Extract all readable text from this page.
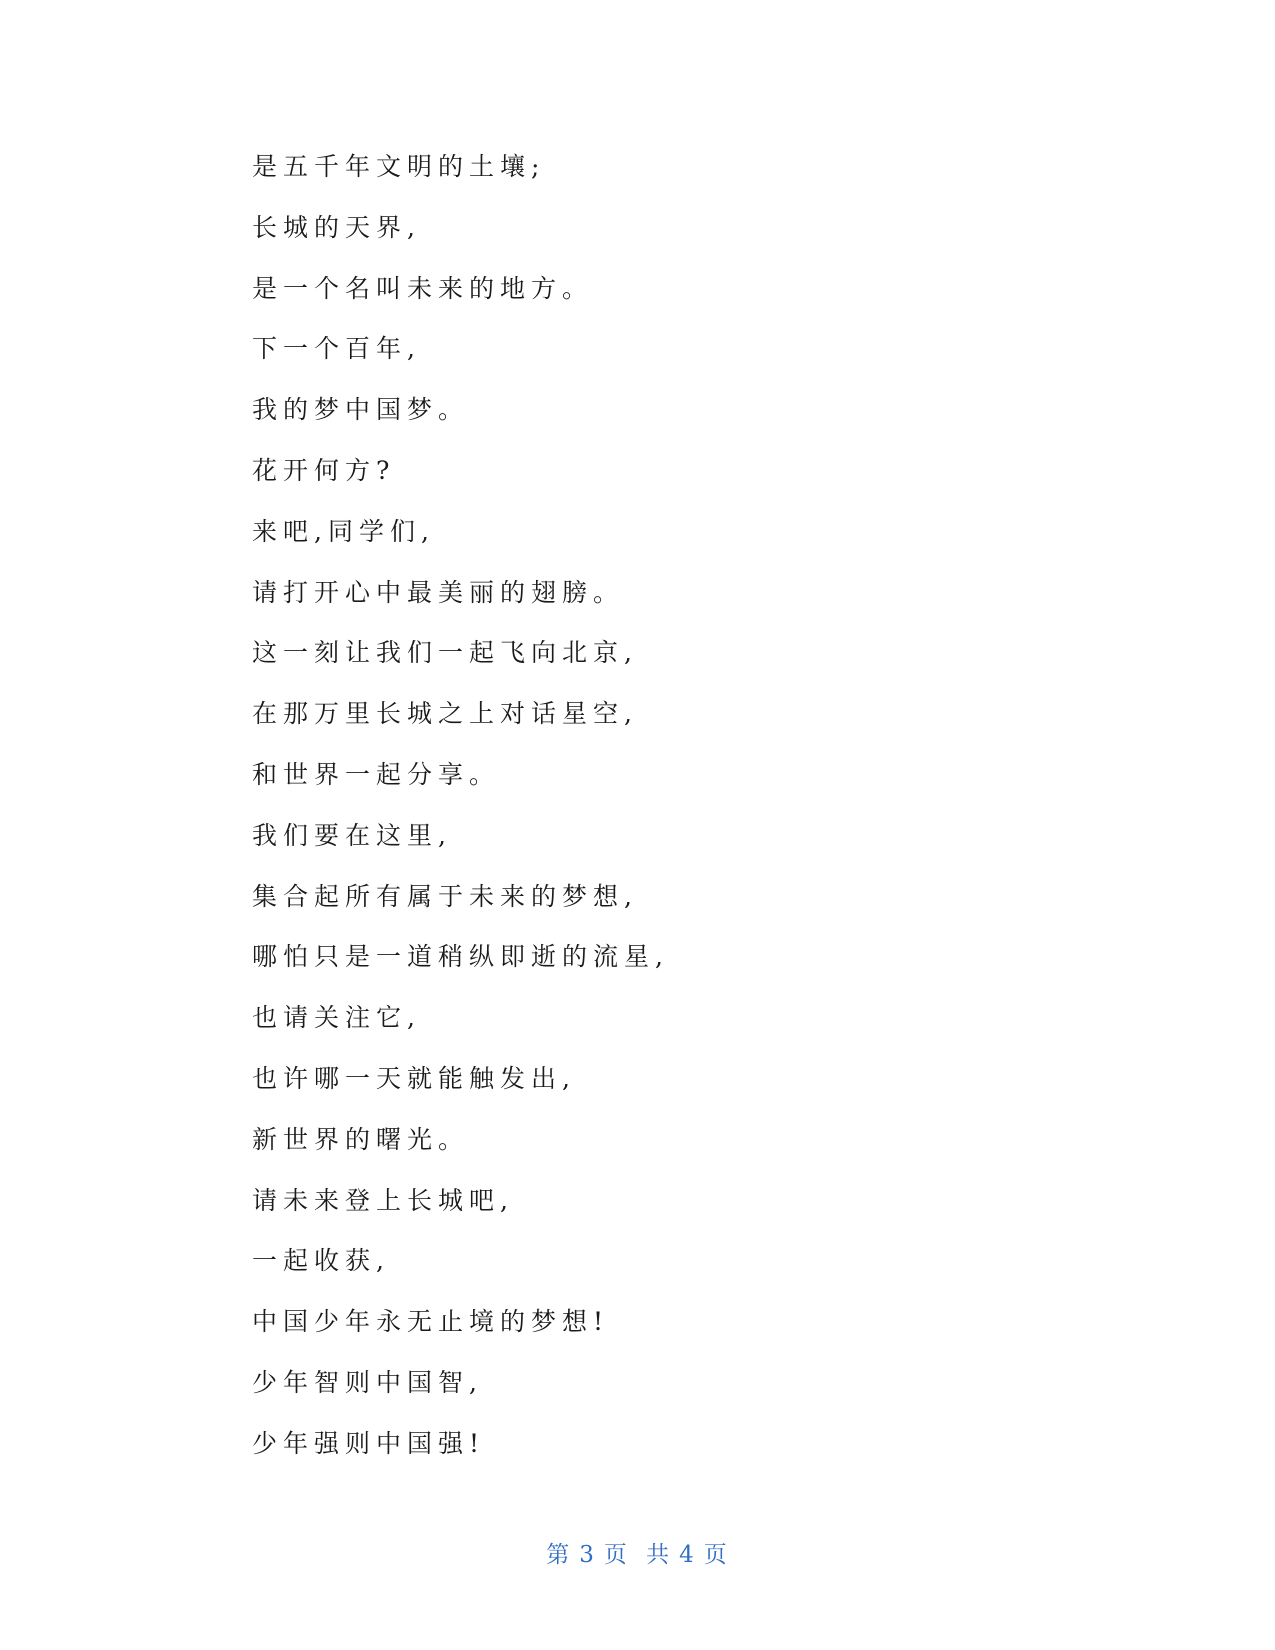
是五千年文明的土壤;
长城的天界,
是一个名叫未来的地方。
下一个百年,
我的梦中国梦。
花开何方?
来吧,同学们,
请打开心中最美丽的翅膀。
这一刻让我们一起飞向北京,
在那万里长城之上对话星空,
和世界一起分享。
我们要在这里,
集合起所有属于未来的梦想,
哪怕只是一道稍纵即逝的流星,
也请关注它,
也许哪一天就能触发出,
新世界的曙光。
请未来登上长城吧,
一起收获,
中国少年永无止境的梦想!
少年智则中国智,
少年强则中国强!
第 3 页 共 4 页
